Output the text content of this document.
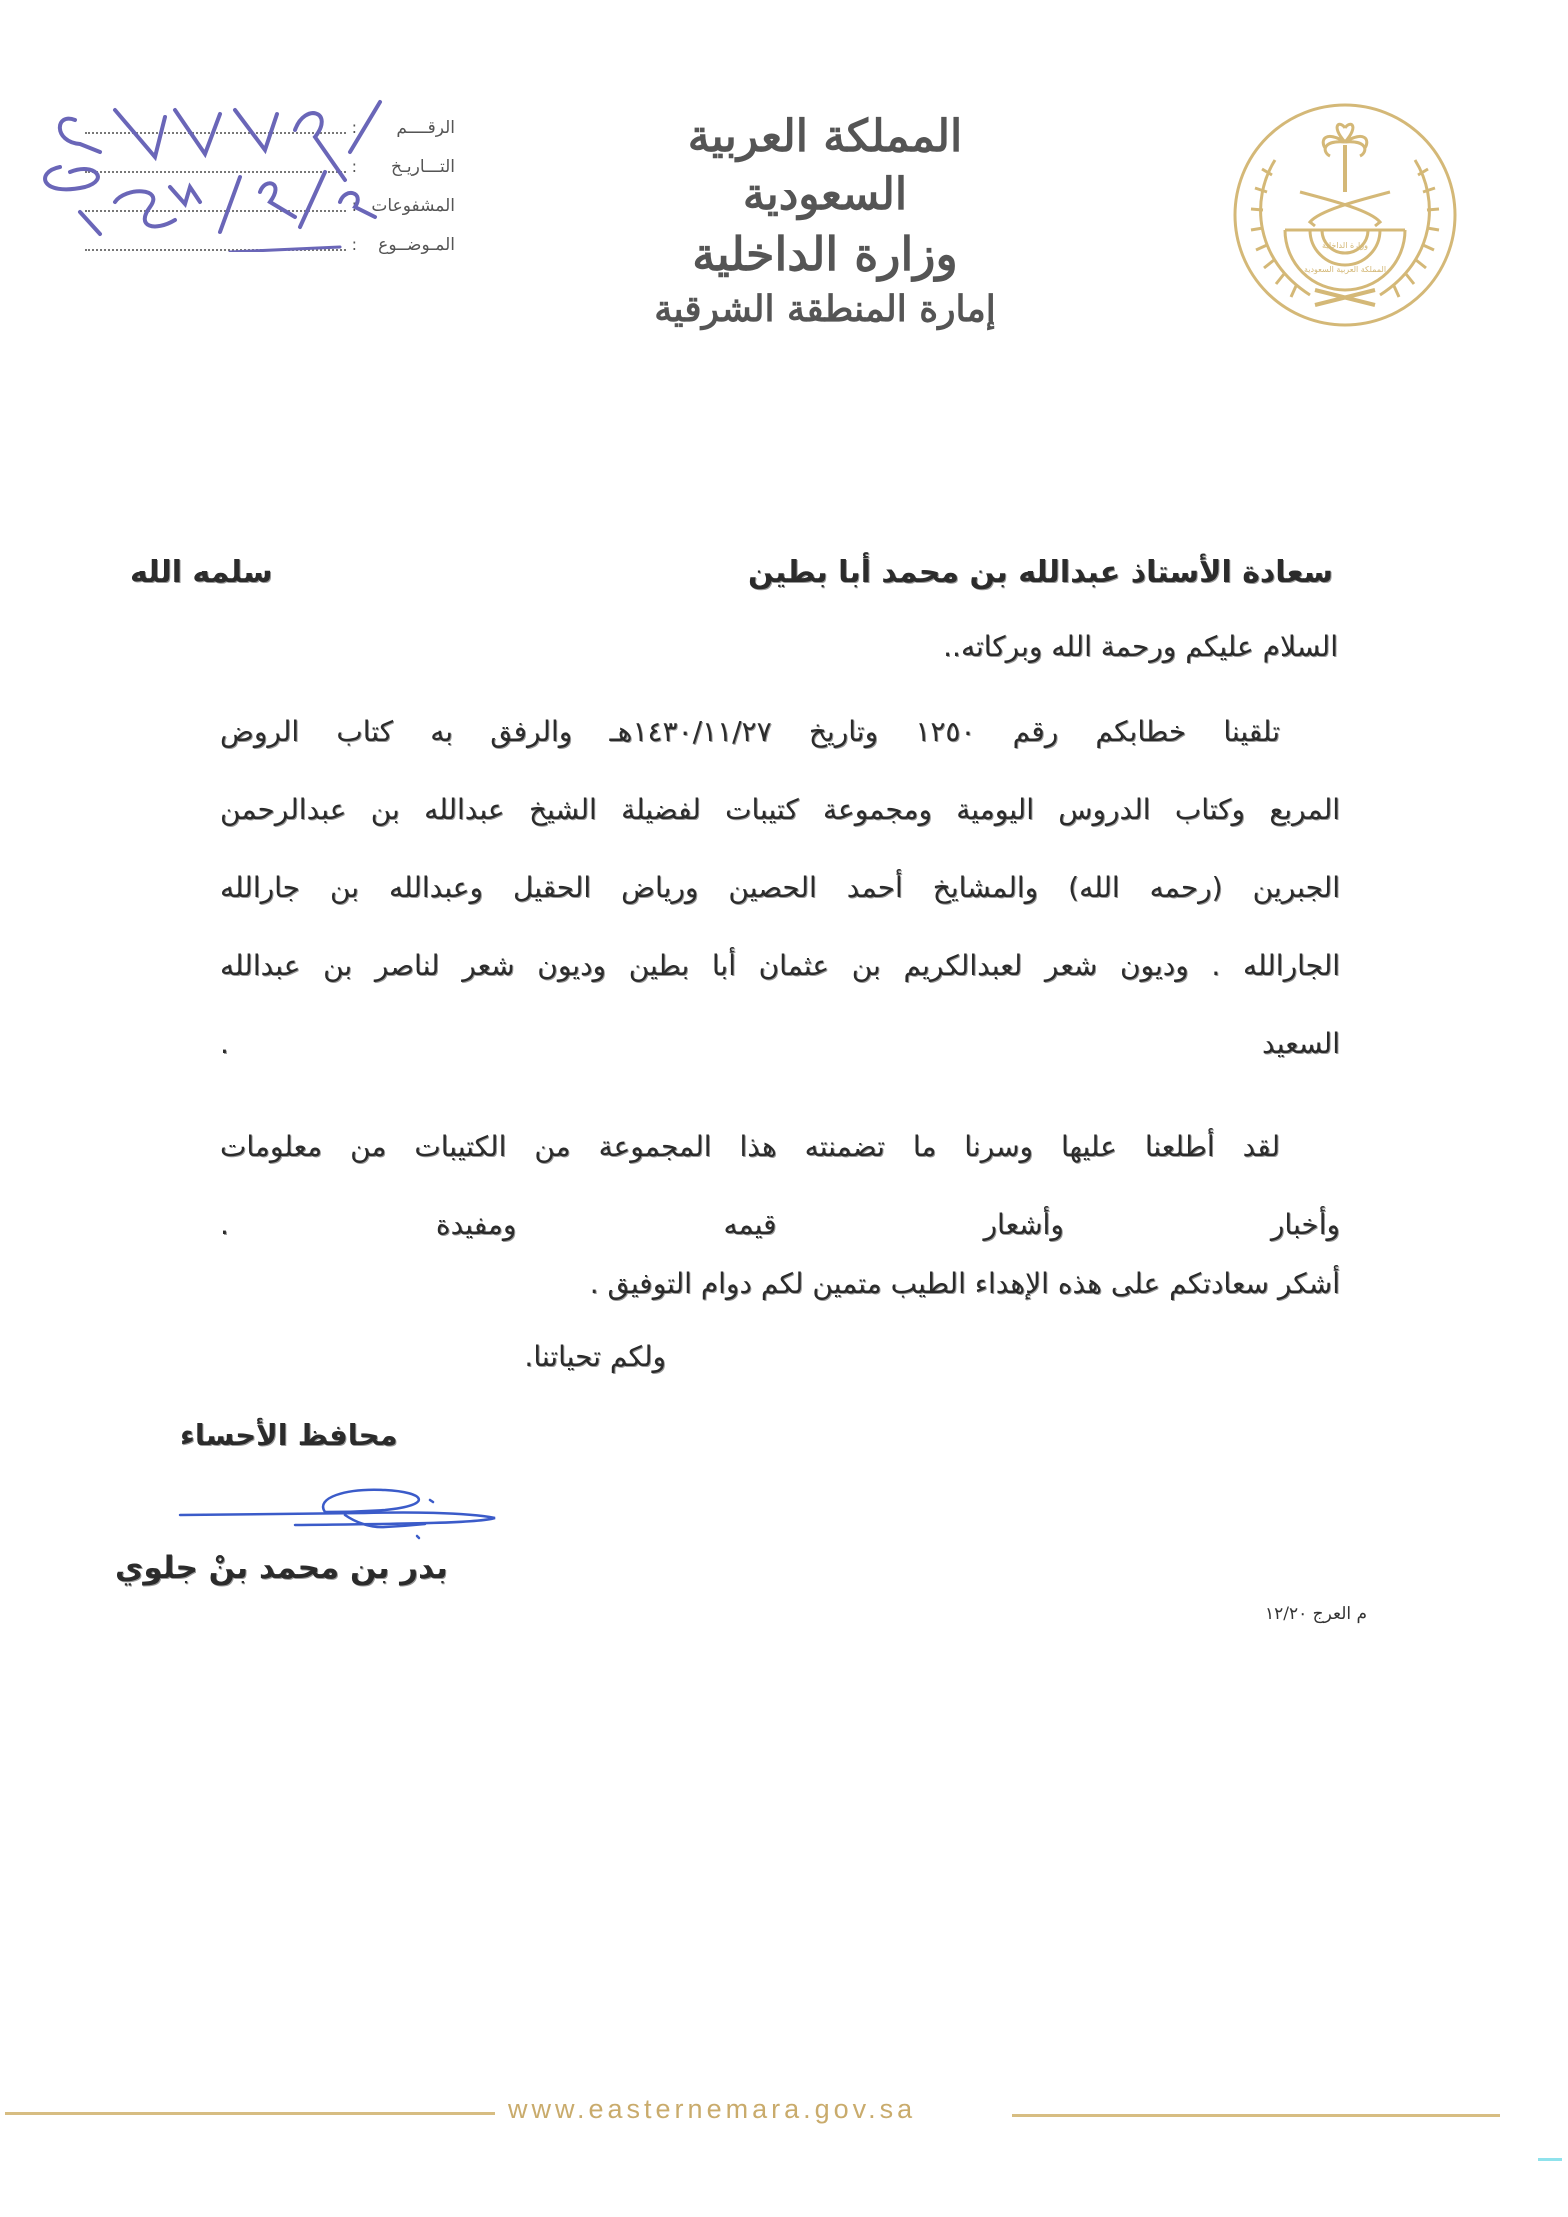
الرقــــم
:
التـــاريـخ
:
المشفوعات
:
المـوضــوع
:
المملكة العربية السعودية
وزارة الداخلية
إمارة المنطقة الشرقية
وزارة الداخلية
المملكة العربية السعودية
سعادة الأستاذ عبدالله بن محمد أبا بطين
سلمه الله
السلام عليكم ورحمة الله وبركاته..
تلقينا خطابكم رقم ١٢٥٠ وتاريخ ١٤٣٠/١١/٢٧هـ والرفق به كتاب الروض
المربع وكتاب الدروس اليومية ومجموعة كتيبات لفضيلة الشيخ عبدالله بن عبدالرحمن
الجبرين (رحمه الله) والمشايخ أحمد الحصين ورياض الحقيل وعبدالله بن جارالله
الجارالله . وديون شعر لعبدالكريم بن عثمان أبا بطين وديون شعر لناصر بن عبدالله
السعيد .
لقد أطلعنا عليها وسرنا ما تضمنته هذا المجموعة من الكتيبات من معلومات
وأخبار وأشعار قيمه ومفيدة .
أشكر سعادتكم على هذه الإهداء الطيب متمين لكم دوام التوفيق .
ولكم تحياتنا.
محافظ الأحساء
بدر بن محمد بنْ جلوي
م العرج ١٢/٢٠
www.easternemara.gov.sa
